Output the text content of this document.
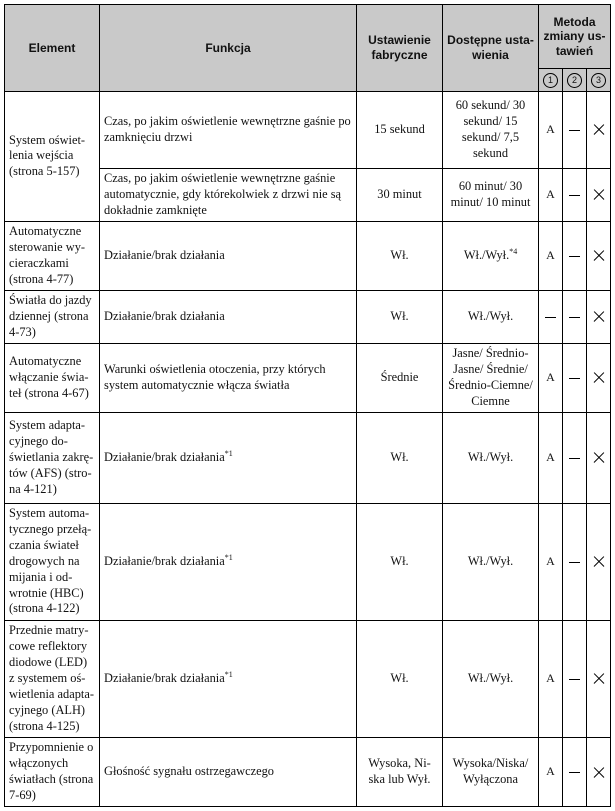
Element	Funkcja	Ustawienie fabryczne	Dostępne usta-wienia	Metoda zmiany us-tawień		
				1	2	3
System oświet-lenia wejścia (strona 5-157)	Czas, po jakim oświetlenie wewnętrzne gaśnie po zamknięciu drzwi	15 sekund	60 sekund/ 30 sekund/ 15 sekund/ 7,5 sekund	A		
	Czas, po jakim oświetlenie wewnętrzne gaśnie automatycznie, gdy którekolwiek z drzwi nie są dokładnie zamknięte	30 minut	60 minut/ 30 minut/ 10 minut	A		
Automatyczne sterowanie wy-cieraczkami (strona 4-77)	Działanie/brak działania	Wł.	Wł./Wył.$^{*4}$	A		
Światła do jazdy dziennej (strona 4-73)	Działanie/brak działania	Wł.	Wł./Wył.			
Automatyczne włączanie świa-teł (strona 4-67)	Warunki oświetlenia otoczenia, przy których system automatycznie włącza światła	Średnie	Jasne/ Średnio-Jasne/ Średnie/ Średnio-Ciemne/ Ciemne	A		
System adapta-cyjnego do-świetlania zakrę-tów (AFS) (stro-na 4-121)	Działanie/brak działania$^{*1}$	Wł.	Wł./Wył.	A		
System automa-tycznego przełą-czania świateł drogowych na mijania i od-wrotnie (HBC) (strona 4-122)	Działanie/brak działania$^{*1}$	Wł.	Wł./Wył.	A		
Przednie matry-cowe reflektory diodowe (LED) z systemem oś-wietlenia adapta-cyjnego (ALH) (strona 4-125)	Działanie/brak działania$^{*1}$	Wł.	Wł./Wył.	A		
Przypomnienie o włączonych światłach (strona 7-69)	Głośność sygnału ostrzegawczego	Wysoka, Ni-ska lub Wył.	Wysoka/Niska/ Wyłączona	A		
